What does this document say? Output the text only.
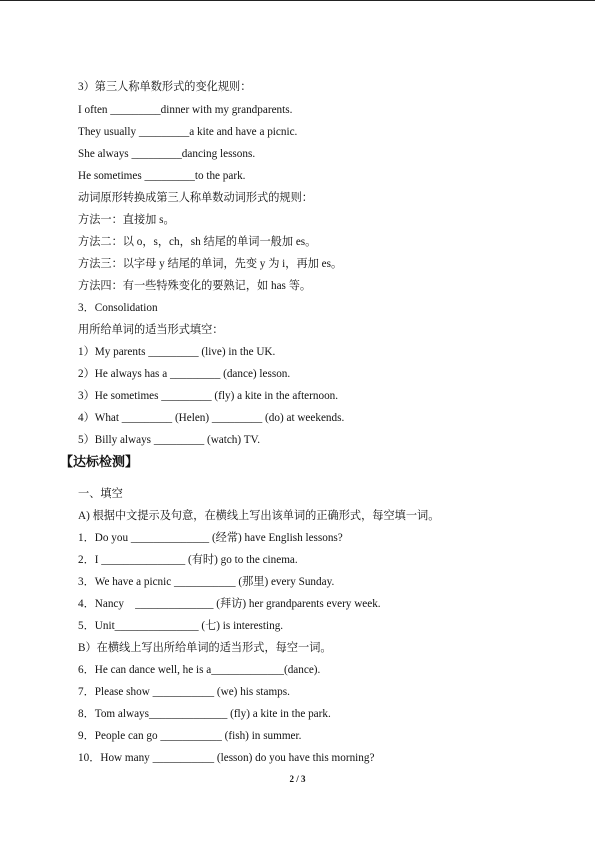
3）第三人称单数形式的变化规则：
I often _________dinner with my grandparents.
They usually _________a kite and have a picnic.
She always _________dancing lessons.
He sometimes _________to the park.
动词原形转换成第三人称单数动词形式的规则：
方法一：直接加 s。
方法二：以 o，s，ch，sh 结尾的单词一般加 es。
方法三：以字母 y 结尾的单词，先变 y 为 i，再加 es。
方法四：有一些特殊变化的要熟记，如 has 等。
3．Consolidation
用所给单词的适当形式填空：
1）My parents _________ (live) in the UK.
2）He always has a _________ (dance) lesson.
3）He sometimes _________ (fly) a kite in the afternoon.
4）What _________ (Helen) _________ (do) at weekends.
5）Billy always _________ (watch) TV.
【达标检测】
一、填空
A) 根据中文提示及句意，在横线上写出该单词的正确形式，每空填一词。
1．Do you ______________ (经常) have English lessons?
2．I _______________ (有时) go to the cinema.
3．We have a picnic ___________ (那里) every Sunday.
4．Nancy    ______________ (拜访) her grandparents every week.
5．Unit_______________ (七) is interesting.
B）在横线上写出所给单词的适当形式，每空一词。
6．He can dance well, he is a_____________(dance).
7．Please show ___________ (we) his stamps.
8．Tom always______________ (fly) a kite in the park.
9．People can go ___________ (fish) in summer.
10．How many ___________ (lesson) do you have this morning?
2 / 3
